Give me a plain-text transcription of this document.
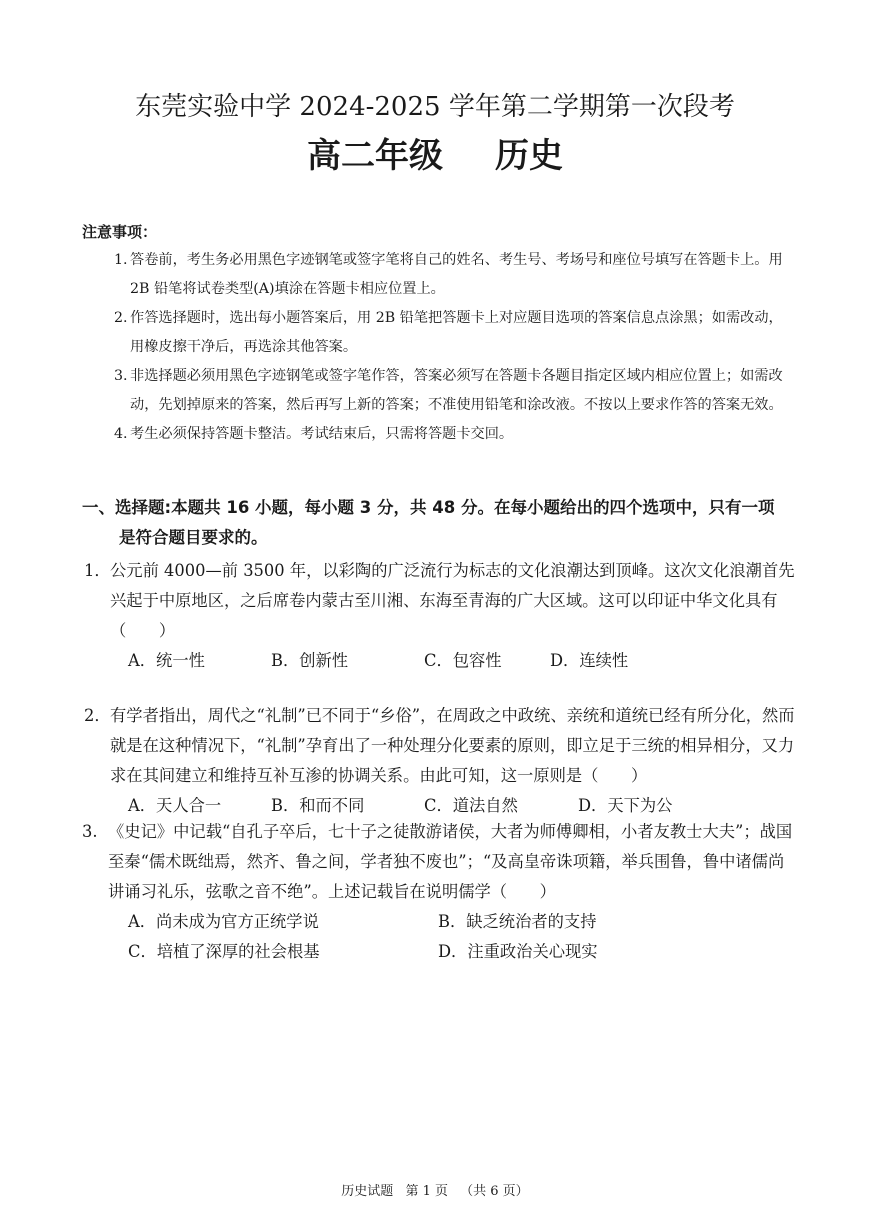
东莞实验中学 2024-2025 学年第二学期第一次段考
高二年级 历史
注意事项：
1. 答卷前，考生务必用黑色字迹钢笔或签字笔将自己的姓名、考生号、考场号和座位号填写在答题卡上。用 2B 铅笔将试卷类型(A)填涂在答题卡相应位置上。
2. 作答选择题时，选出每小题答案后，用 2B 铅笔把答题卡上对应题目选项的答案信息点涂黑；如需改动，用橡皮擦干净后，再选涂其他答案。
3. 非选择题必须用黑色字迹钢笔或签字笔作答，答案必须写在答题卡各题目指定区域内相应位置上；如需改动，先划掉原来的答案，然后再写上新的答案；不准使用铅笔和涂改液。不按以上要求作答的答案无效。
4. 考生必须保持答题卡整洁。考试结束后，只需将答题卡交回。
一、选择题:本题共 16 小题，每小题 3 分，共 48 分。在每小题给出的四个选项中，只有一项
是符合题目要求的。
1． 公元前 4000—前 3500 年，以彩陶的广泛流行为标志的文化浪潮达到顶峰。这次文化浪潮首先兴起于中原地区，之后席卷内蒙古至川湘、东海至青海的广大区域。这可以印证中华文化具有（　　）
A．统一性	B．创新性	C．包容性	D．连续性
2． 有学者指出，周代之“礼制”已不同于“乡俗”，在周政之中政统、亲统和道统已经有所分化，然而就是在这种情况下，“礼制”孕育出了一种处理分化要素的原则，即立足于三统的相异相分，又力求在其间建立和维持互补互渗的协调关系。由此可知，这一原则是（　　）
A．天人合一	B．和而不同	C．道法自然	D．天下为公
3. 《史记》中记载“自孔子卒后，七十子之徒散游诸侯，大者为师傅卿相，小者友教士大夫”；战国至秦“儒术既绌焉，然齐、鲁之间，学者独不废也”；“及高皇帝诛项籍，举兵围鲁，鲁中诸儒尚讲诵习礼乐，弦歌之音不绝”。上述记载旨在说明儒学（　　）
A．尚未成为官方正统学说	B．缺乏统治者的支持
C．培植了深厚的社会根基	D．注重政治关心现实
历史试题 第 1 页 （共 6 页）
